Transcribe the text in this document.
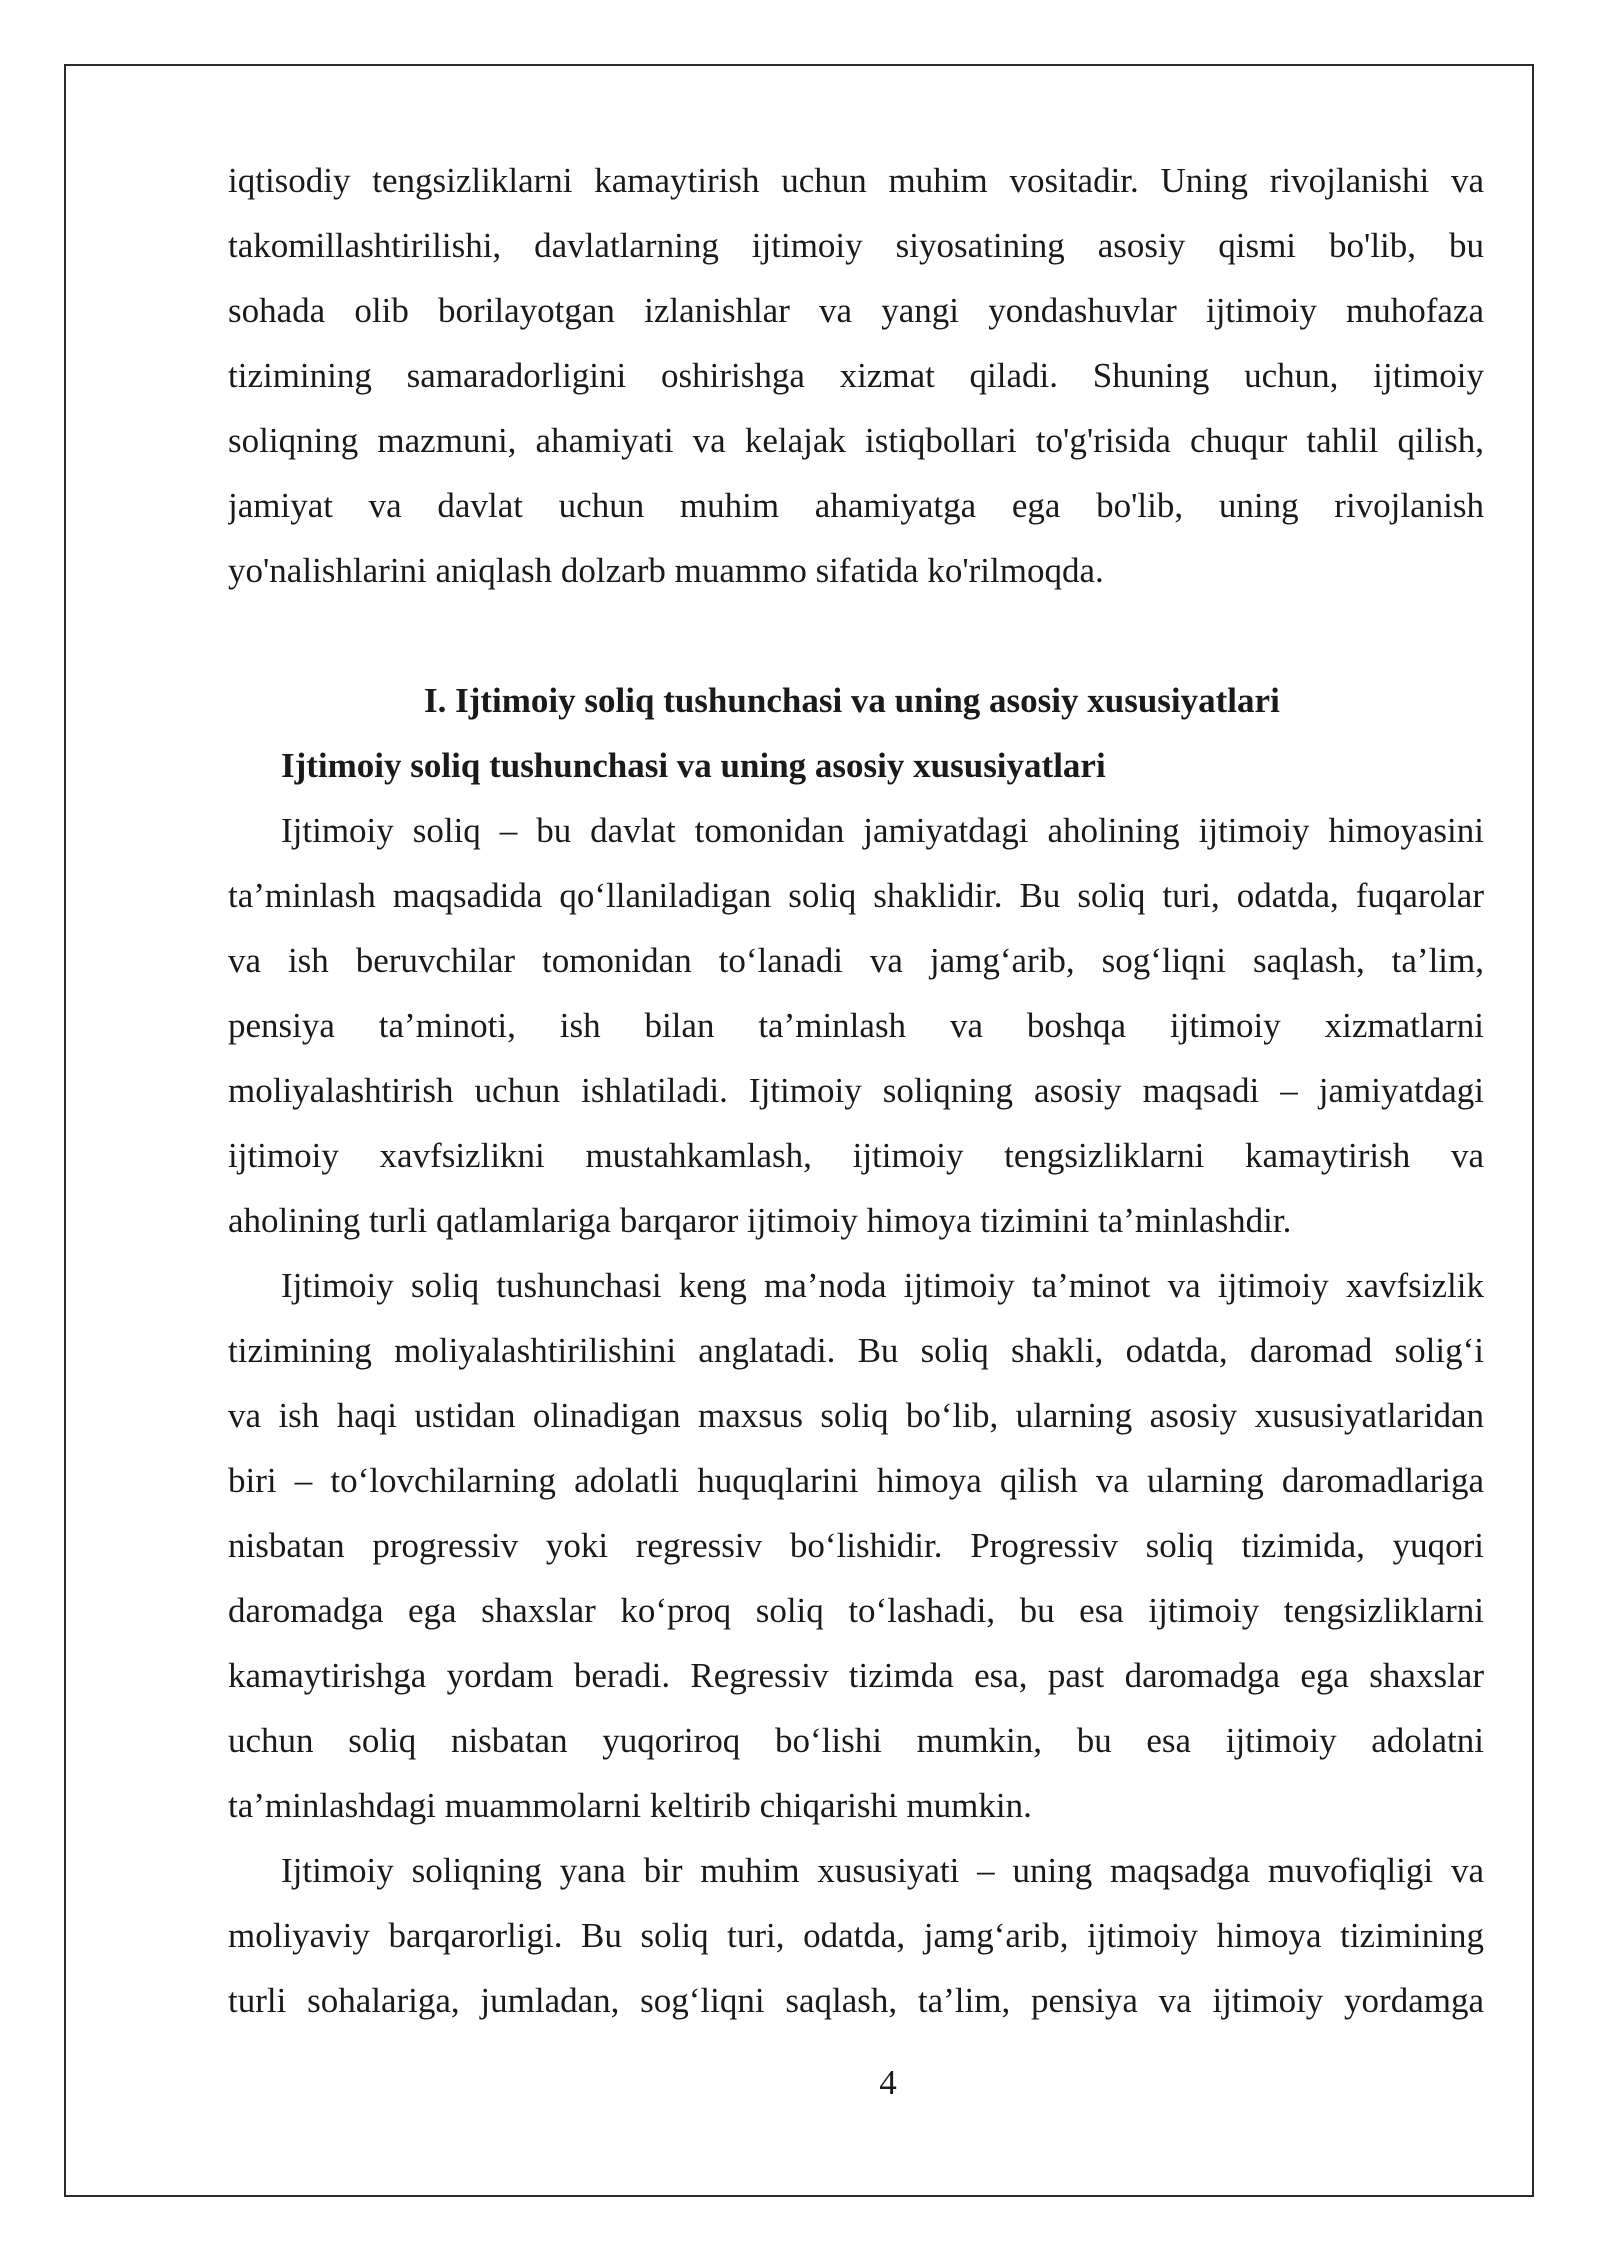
iqtisodiy tengsizliklarni kamaytirish uchun muhim vositadir. Uning rivojlanishi va
takomillashtirilishi, davlatlarning ijtimoiy siyosatining asosiy qismi bo'lib, bu
sohada olib borilayotgan izlanishlar va yangi yondashuvlar ijtimoiy muhofaza
tizimining samaradorligini oshirishga xizmat qiladi. Shuning uchun, ijtimoiy
soliqning mazmuni, ahamiyati va kelajak istiqbollari to'g'risida chuqur tahlil qilish,
jamiyat va davlat uchun muhim ahamiyatga ega bo'lib, uning rivojlanish
yo'nalishlarini aniqlash dolzarb muammo sifatida ko'rilmoqda.
I. Ijtimoiy soliq tushunchasi va uning asosiy xususiyatlari
Ijtimoiy soliq tushunchasi va uning asosiy xususiyatlari
Ijtimoiy soliq – bu davlat tomonidan jamiyatdagi aholining ijtimoiy himoyasini
ta’minlash maqsadida qo‘llaniladigan soliq shaklidir. Bu soliq turi, odatda, fuqarolar
va ish beruvchilar tomonidan to‘lanadi va jamg‘arib, sog‘liqni saqlash, ta’lim,
pensiya ta’minoti, ish bilan ta’minlash va boshqa ijtimoiy xizmatlarni
moliyalashtirish uchun ishlatiladi. Ijtimoiy soliqning asosiy maqsadi – jamiyatdagi
ijtimoiy xavfsizlikni mustahkamlash, ijtimoiy tengsizliklarni kamaytirish va
aholining turli qatlamlariga barqaror ijtimoiy himoya tizimini ta’minlashdir.
Ijtimoiy soliq tushunchasi keng ma’noda ijtimoiy ta’minot va ijtimoiy xavfsizlik
tizimining moliyalashtirilishini anglatadi. Bu soliq shakli, odatda, daromad solig‘i
va ish haqi ustidan olinadigan maxsus soliq bo‘lib, ularning asosiy xususiyatlaridan
biri – to‘lovchilarning adolatli huquqlarini himoya qilish va ularning daromadlariga
nisbatan progressiv yoki regressiv bo‘lishidir. Progressiv soliq tizimida, yuqori
daromadga ega shaxslar ko‘proq soliq to‘lashadi, bu esa ijtimoiy tengsizliklarni
kamaytirishga yordam beradi. Regressiv tizimda esa, past daromadga ega shaxslar
uchun soliq nisbatan yuqoriroq bo‘lishi mumkin, bu esa ijtimoiy adolatni
ta’minlashdagi muammolarni keltirib chiqarishi mumkin.
Ijtimoiy soliqning yana bir muhim xususiyati – uning maqsadga muvofiqligi va
moliyaviy barqarorligi. Bu soliq turi, odatda, jamg‘arib, ijtimoiy himoya tizimining
turli sohalariga, jumladan, sog‘liqni saqlash, ta’lim, pensiya va ijtimoiy yordamga
4
